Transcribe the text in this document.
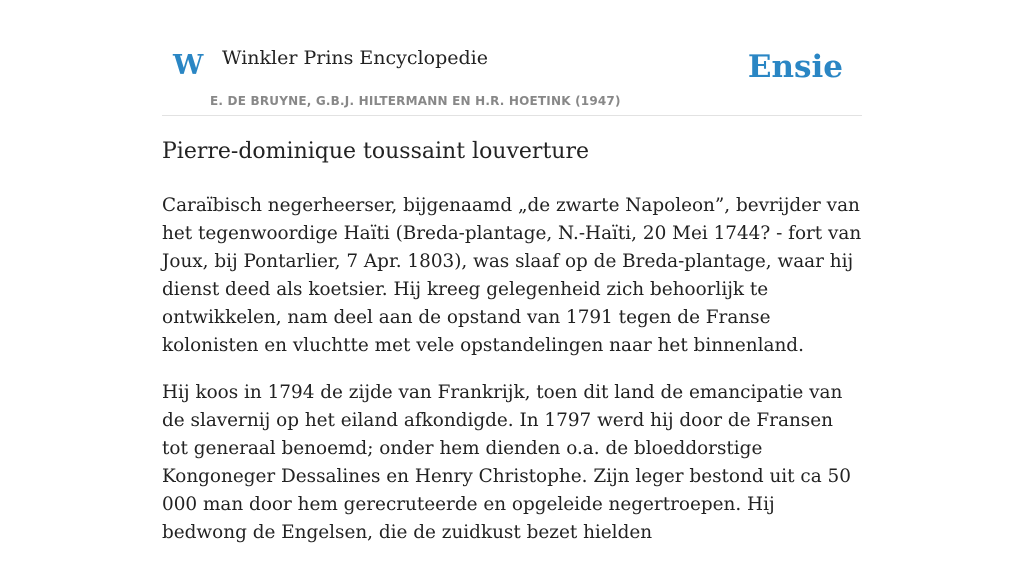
W Winkler Prins Encyclopedie
E. DE BRUYNE, G.B.J. HILTERMANN EN H.R. HOETINK (1947)
Ensie
Pierre-dominique toussaint louverture

Caraïbisch negerheerser, bijgenaamd „de zwarte Napoleon”, bevrijder van het tegenwoordige Haïti (Breda-plantage, N.-Haïti, 20 Mei 1744? - fort van Joux, bij Pontarlier, 7 Apr. 1803), was slaaf op de Breda-plantage, waar hij dienst deed als koetsier. Hij kreeg gelegenheid zich behoorlijk te ontwikkelen, nam deel aan de opstand van 1791 tegen de Franse kolonisten en vluchtte met vele opstandelingen naar het binnenland.

Hij koos in 1794 de zijde van Frankrijk, toen dit land de emancipatie van de slavernij op het eiland afkondigde. In 1797 werd hij door de Fransen tot generaal benoemd; onder hem dienden o.a. de bloeddorstige Kongoneger Dessalines en Henry Christophe. Zijn leger bestond uit ca 50 000 man door hem gerecruteerde en opgeleide negertroepen. Hij bedwong de Engelsen, die de zuidkust bezet hielden
